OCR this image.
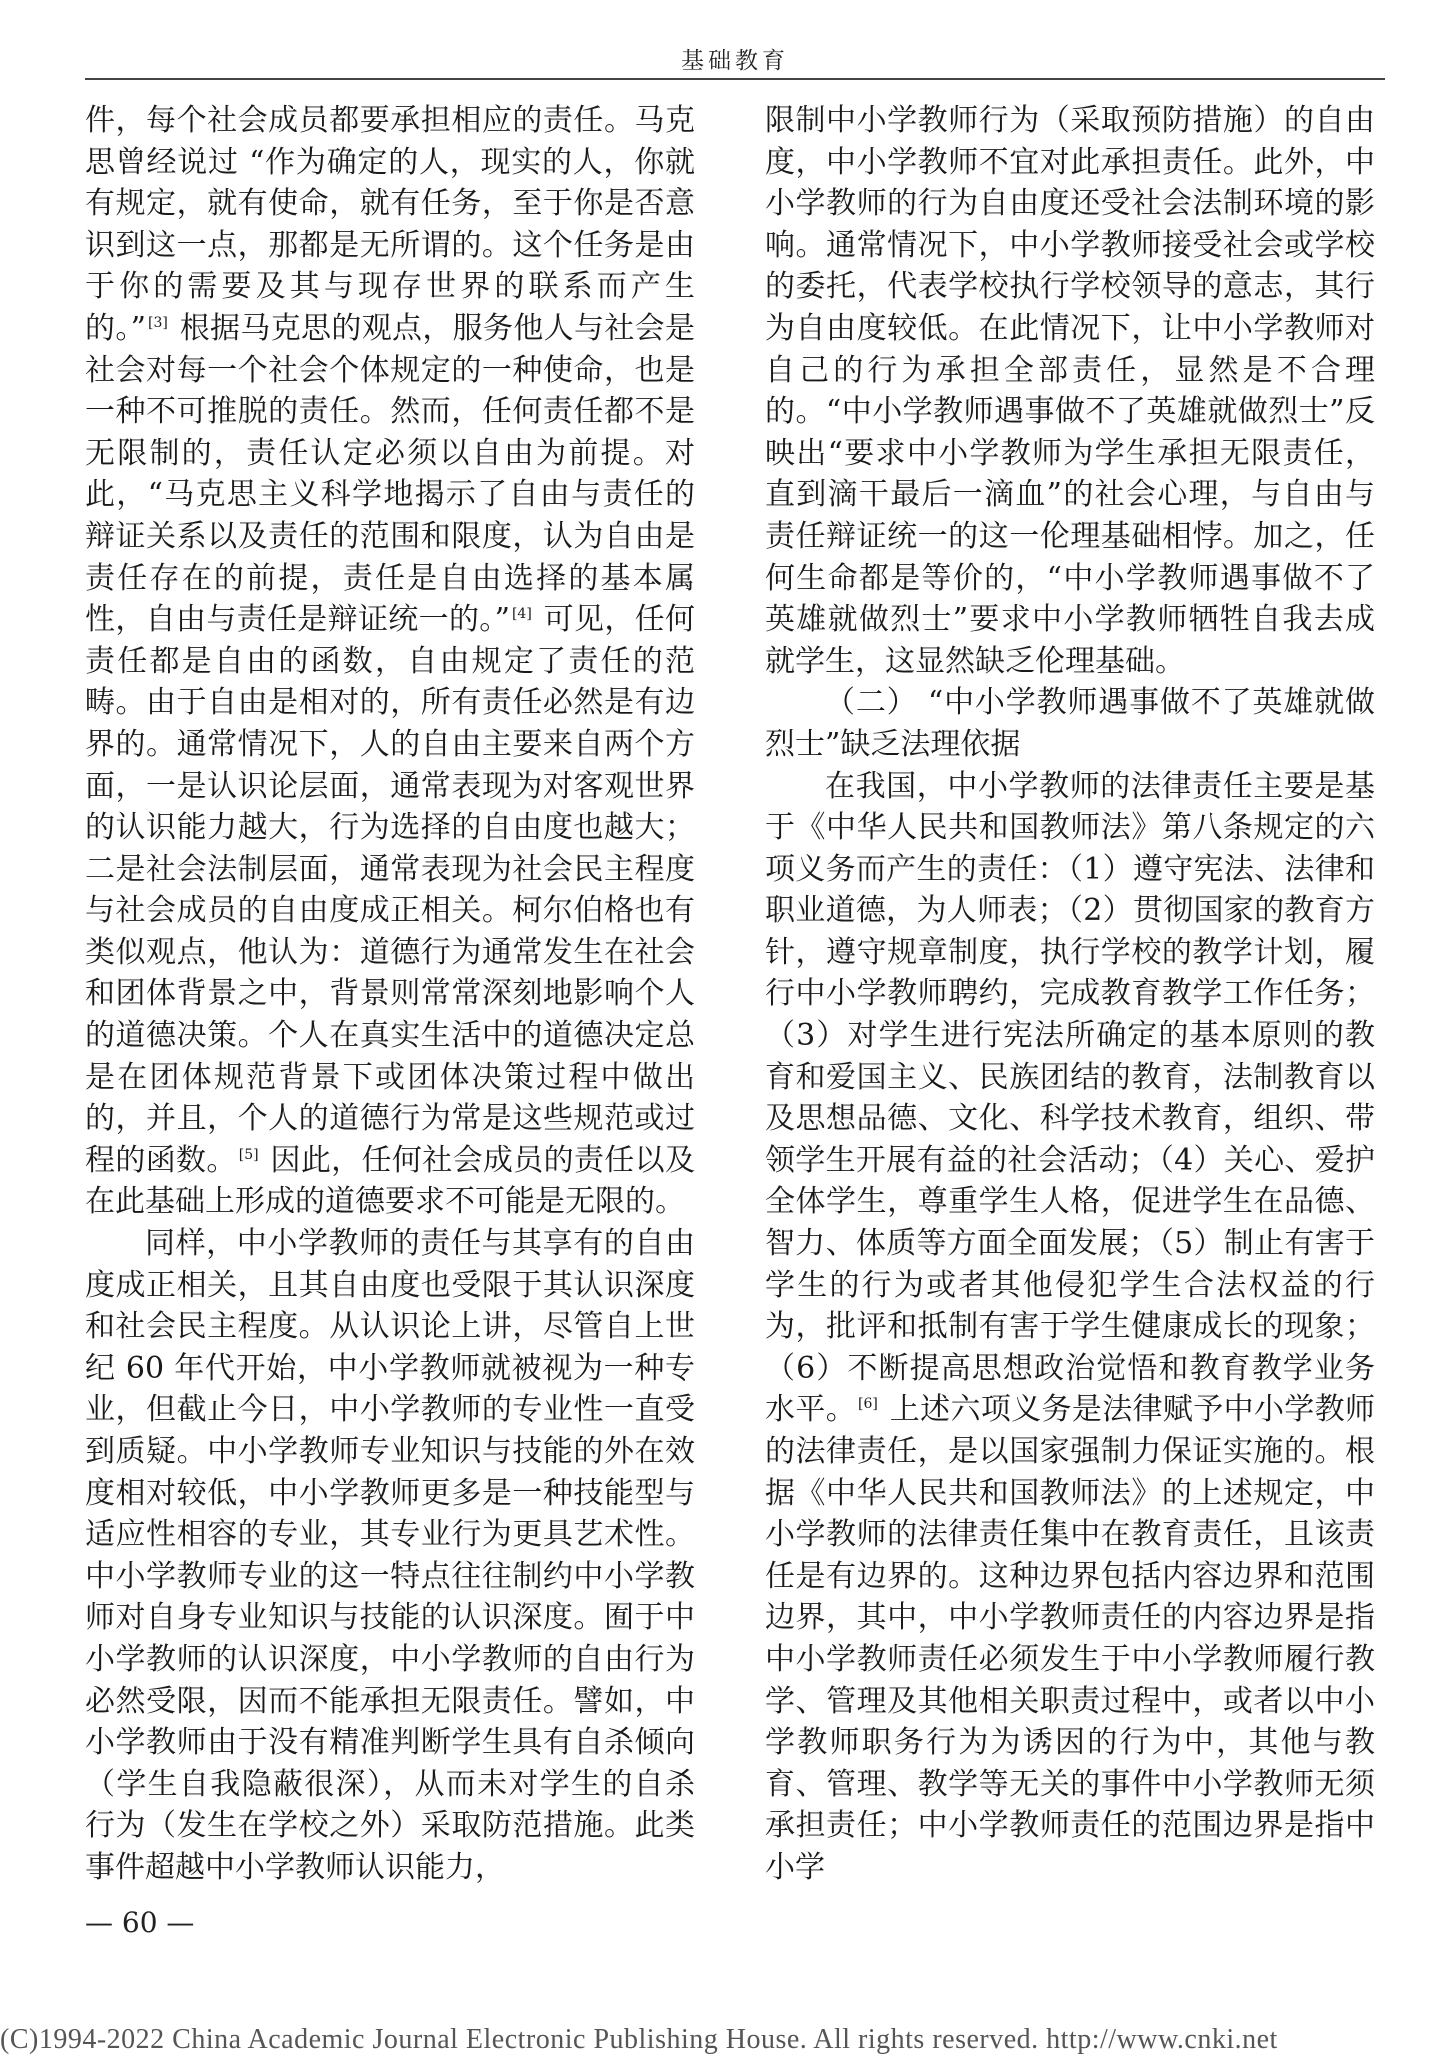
基础教育

件，每个社会成员都要承担相应的责任。马克思曾经说过 “作为确定的人，现实的人，你就有规定，就有使命，就有任务，至于你是否意识到这一点，那都是无所谓的。这个任务是由于你的需要及其与现存世界的联系而产生的。” [3] 根据马克思的观点，服务他人与社会是社会对每一个社会个体规定的一种使命，也是一种不可推脱的责任。然而，任何责任都不是无限制的，责任认定必须以自由为前提。对此，“马克思主义科学地揭示了自由与责任的辩证关系以及责任的范围和限度，认为自由是责任存在的前提，责任是自由选择的基本属性，自由与责任是辩证统一的。” [4] 可见，任何责任都是自由的函数，自由规定了责任的范畴。由于自由是相对的，所有责任必然是有边界的。通常情况下，人的自由主要来自两个方面，一是认识论层面，通常表现为对客观世界的认识能力越大，行为选择的自由度也越大；二是社会法制层面，通常表现为社会民主程度与社会成员的自由度成正相关。柯尔伯格也有类似观点，他认为：道德行为通常发生在社会和团体背景之中，背景则常常深刻地影响个人的道德决策。个人在真实生活中的道德决定总是在团体规范背景下或团体决策过程中做出的，并且，个人的道德行为常是这些规范或过程的函数。 [5] 因此，任何社会成员的责任以及在此基础上形成的道德要求不可能是无限的。

同样，中小学教师的责任与其享有的自由度成正相关，且其自由度也受限于其认识深度和社会民主程度。从认识论上讲，尽管自上世纪 60 年代开始，中小学教师就被视为一种专业，但截止今日，中小学教师的专业性一直受到质疑。中小学教师专业知识与技能的外在效度相对较低，中小学教师更多是一种技能型与适应性相容的专业，其专业行为更具艺术性。中小学教师专业的这一特点往往制约中小学教师对自身专业知识与技能的认识深度。囿于中小学教师的认识深度，中小学教师的自由行为必然受限，因而不能承担无限责任。譬如，中小学教师由于没有精准判断学生具有自杀倾向（学生自我隐蔽很深），从而未对学生的自杀行为（发生在学校之外）采取防范措施。此类事件超越中小学教师认识能力，

限制中小学教师行为（采取预防措施）的自由度，中小学教师不宜对此承担责任。此外，中小学教师的行为自由度还受社会法制环境的影响。通常情况下，中小学教师接受社会或学校的委托，代表学校执行学校领导的意志，其行为自由度较低。在此情况下，让中小学教师对自己的行为承担全部责任，显然是不合理的。“中小学教师遇事做不了英雄就做烈士”反映出“要求中小学教师为学生承担无限责任，直到滴干最后一滴血”的社会心理，与自由与责任辩证统一的这一伦理基础相悖。加之，任何生命都是等价的，“中小学教师遇事做不了英雄就做烈士”要求中小学教师牺牲自我去成就学生，这显然缺乏伦理基础。

（二） “中小学教师遇事做不了英雄就做烈士”缺乏法理依据

在我国，中小学教师的法律责任主要是基于《中华人民共和国教师法》第八条规定的六项义务而产生的责任：（1）遵守宪法、法律和职业道德，为人师表；（2）贯彻国家的教育方针，遵守规章制度，执行学校的教学计划，履行中小学教师聘约，完成教育教学工作任务；（3）对学生进行宪法所确定的基本原则的教育和爱国主义、民族团结的教育，法制教育以及思想品德、文化、科学技术教育，组织、带领学生开展有益的社会活动；（4）关心、爱护全体学生，尊重学生人格，促进学生在品德、智力、体质等方面全面发展；（5）制止有害于学生的行为或者其他侵犯学生合法权益的行为，批评和抵制有害于学生健康成长的现象；（6）不断提高思想政治觉悟和教育教学业务水平。 [6] 上述六项义务是法律赋予中小学教师的法律责任，是以国家强制力保证实施的。根据《中华人民共和国教师法》的上述规定，中小学教师的法律责任集中在教育责任，且该责任是有边界的。这种边界包括内容边界和范围边界，其中，中小学教师责任的内容边界是指中小学教师责任必须发生于中小学教师履行教学、管理及其他相关职责过程中，或者以中小学教师职务行为为诱因的行为中，其他与教育、管理、教学等无关的事件中小学教师无须承担责任；中小学教师责任的范围边界是指中小学

— 60 —
(C)1994-2022 China Academic Journal Electronic Publishing House. All rights reserved. http://www.cnki.net
